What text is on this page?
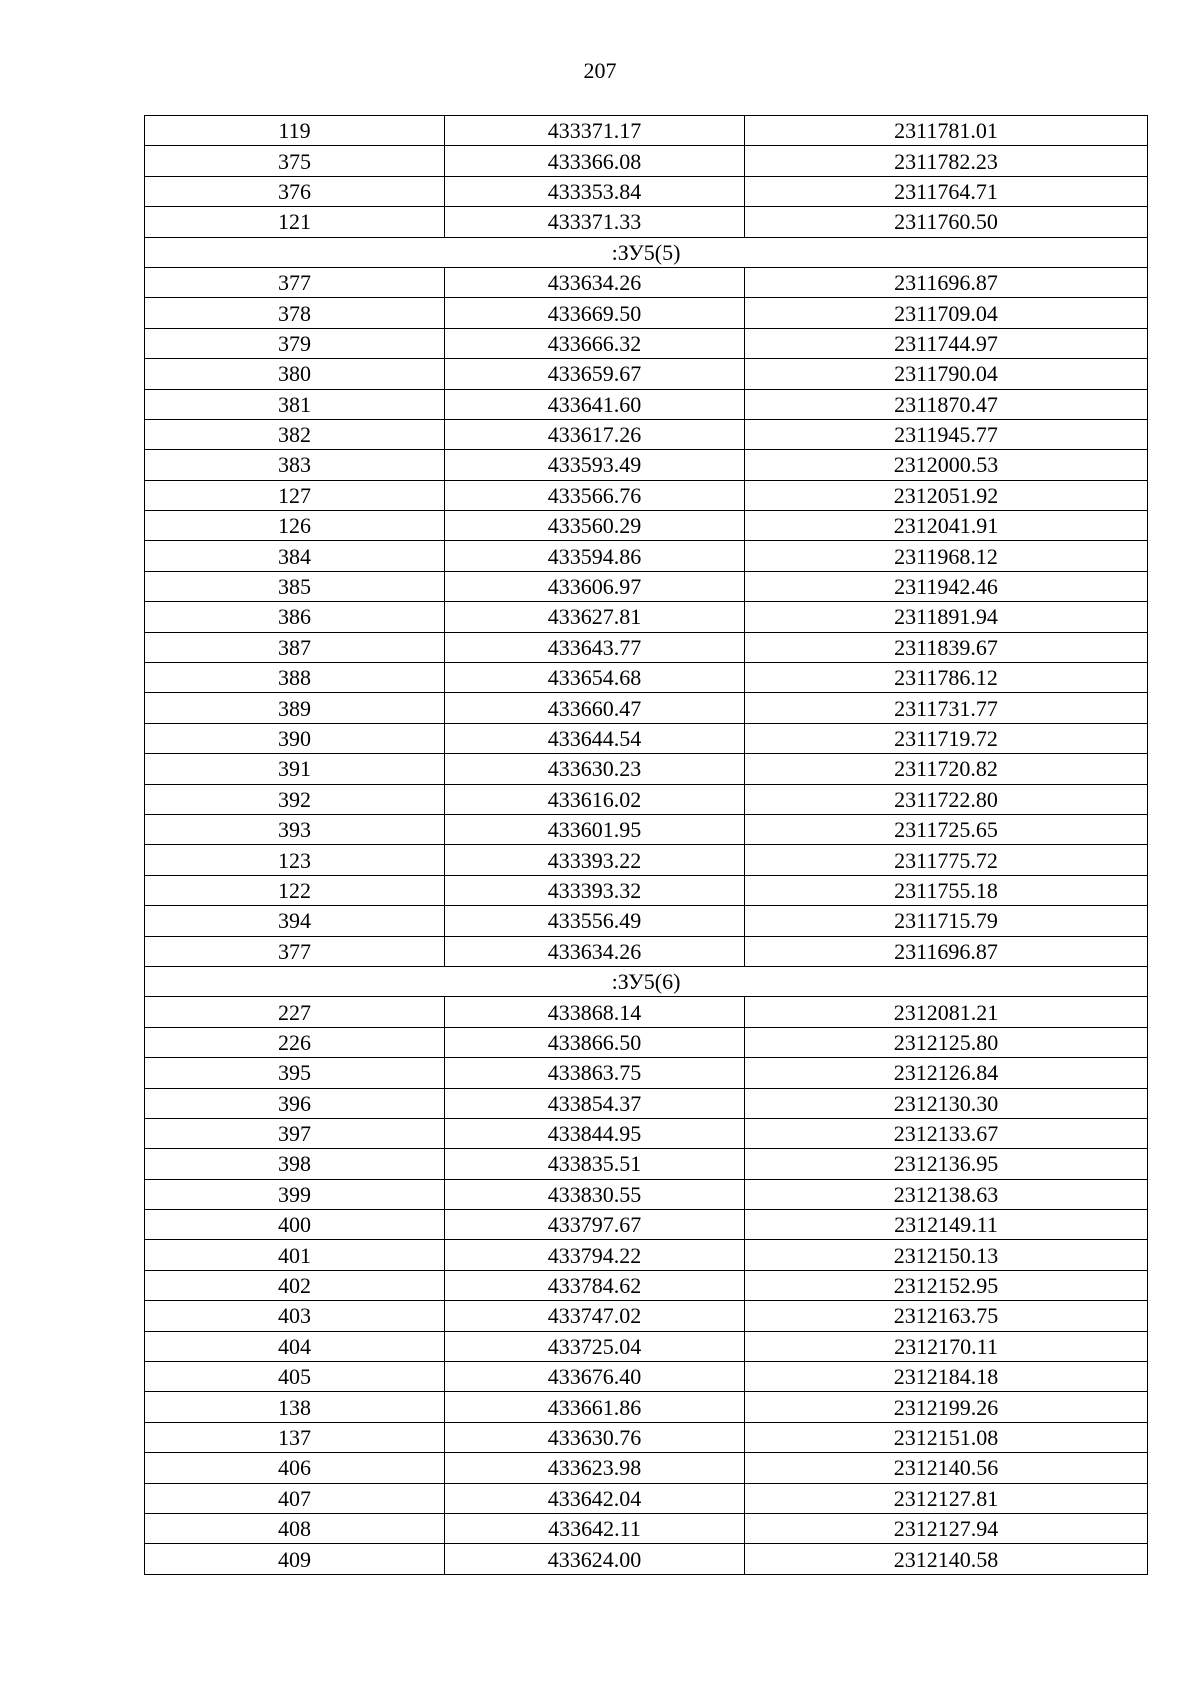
207
119	433371.17	2311781.01
375	433366.08	2311782.23
376	433353.84	2311764.71
121	433371.33	2311760.50
:ЗУ5(5)		
377	433634.26	2311696.87
378	433669.50	2311709.04
379	433666.32	2311744.97
380	433659.67	2311790.04
381	433641.60	2311870.47
382	433617.26	2311945.77
383	433593.49	2312000.53
127	433566.76	2312051.92
126	433560.29	2312041.91
384	433594.86	2311968.12
385	433606.97	2311942.46
386	433627.81	2311891.94
387	433643.77	2311839.67
388	433654.68	2311786.12
389	433660.47	2311731.77
390	433644.54	2311719.72
391	433630.23	2311720.82
392	433616.02	2311722.80
393	433601.95	2311725.65
123	433393.22	2311775.72
122	433393.32	2311755.18
394	433556.49	2311715.79
377	433634.26	2311696.87
:ЗУ5(6)		
227	433868.14	2312081.21
226	433866.50	2312125.80
395	433863.75	2312126.84
396	433854.37	2312130.30
397	433844.95	2312133.67
398	433835.51	2312136.95
399	433830.55	2312138.63
400	433797.67	2312149.11
401	433794.22	2312150.13
402	433784.62	2312152.95
403	433747.02	2312163.75
404	433725.04	2312170.11
405	433676.40	2312184.18
138	433661.86	2312199.26
137	433630.76	2312151.08
406	433623.98	2312140.56
407	433642.04	2312127.81
408	433642.11	2312127.94
409	433624.00	2312140.58
